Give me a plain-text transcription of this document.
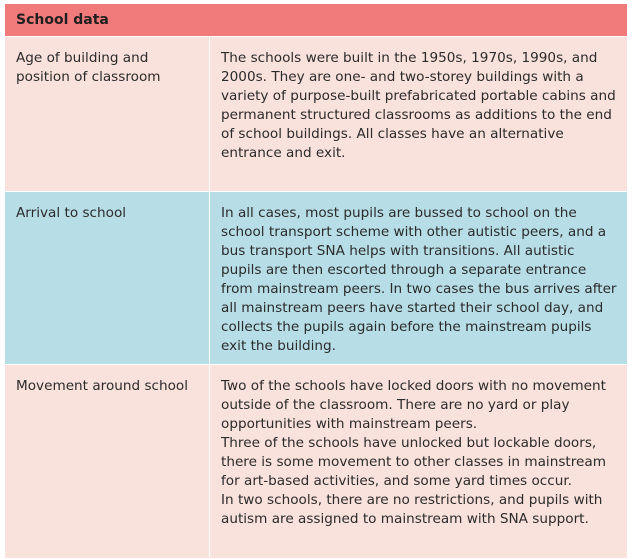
School data	
Age of building and position of classroom	The schools were built in the 1950s, 1970s, 1990s, and 2000s. They are one- and two-storey buildings with a variety of purpose-built prefabricated portable cabins and permanent structured classrooms as additions to the end of school buildings. All classes have an alternative entrance and exit.
Arrival to school	In all cases, most pupils are bussed to school on the school transport scheme with other autistic peers, and a bus transport SNA helps with transitions. All autistic pupils are then escorted through a separate entrance from mainstream peers. In two cases the bus arrives after all mainstream peers have started their school day, and collects the pupils again before the mainstream pupils exit the building.
Movement around school	Two of the schools have locked doors with no movement outside of the classroom. There are no yard or play opportunities with mainstream peers.
Three of the schools have unlocked but lockable doors, there is some movement to other classes in mainstream for art-based activities, and some yard times occur.
In two schools, there are no restrictions, and pupils with autism are assigned to mainstream with SNA support.
